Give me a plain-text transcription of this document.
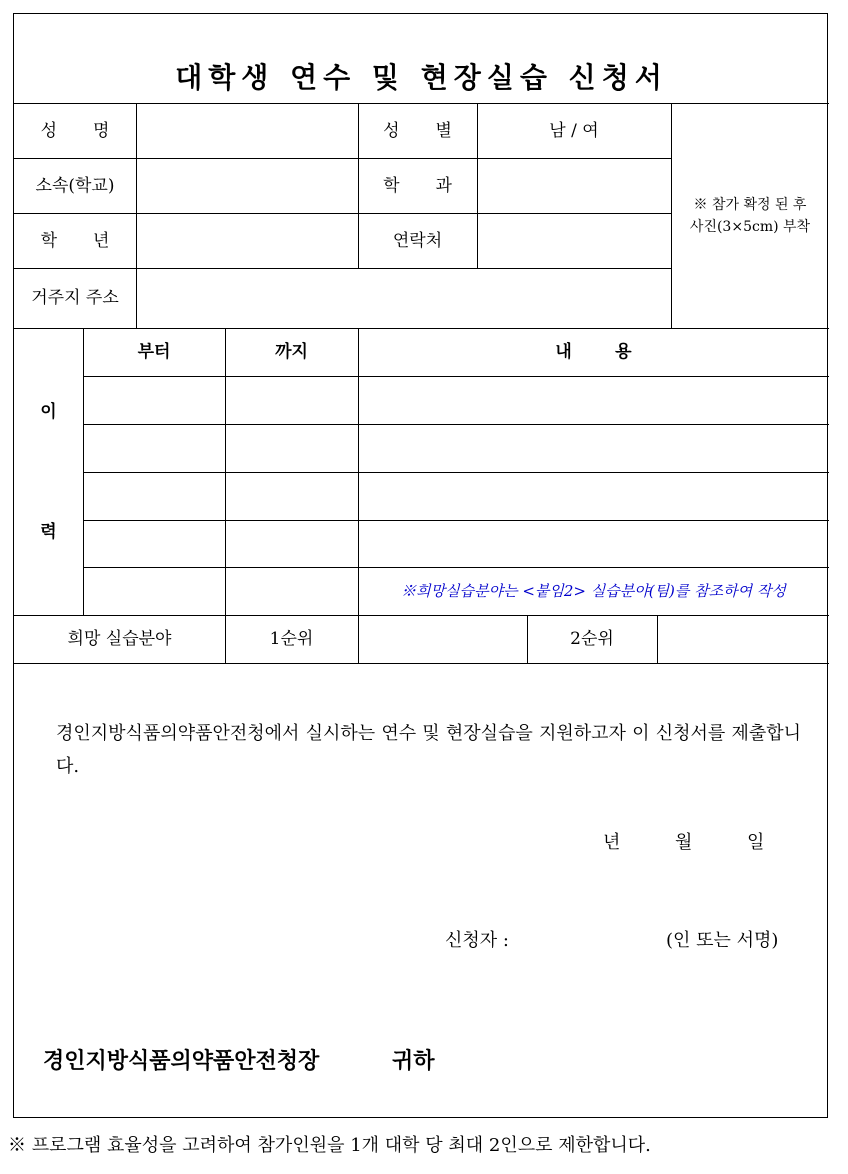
대학생 연수 및 현장실습 신청서
성 명	성 별	남 / 여
소속(학교)	학 과
학 년	연락처
거주지 주소
※ 참가 확정 된 후
사진(3×5cm) 부착
이
력
부터	까지	내 용
※희망실습분야는 <붙임2> 실습분야(팀)를 참조하여 작성
희망 실습분야	1순위	2순위
경인지방식품의약품안전청에서 실시하는 연수 및 현장실습을 지원하고자 이 신청서를 제출합니다.
년	월	일
신청자 :	(인 또는 서명)
경인지방식품의약품안전청장	귀하
※ 프로그램 효율성을 고려하여 참가인원을 1개 대학 당 최대 2인으로 제한합니다.
